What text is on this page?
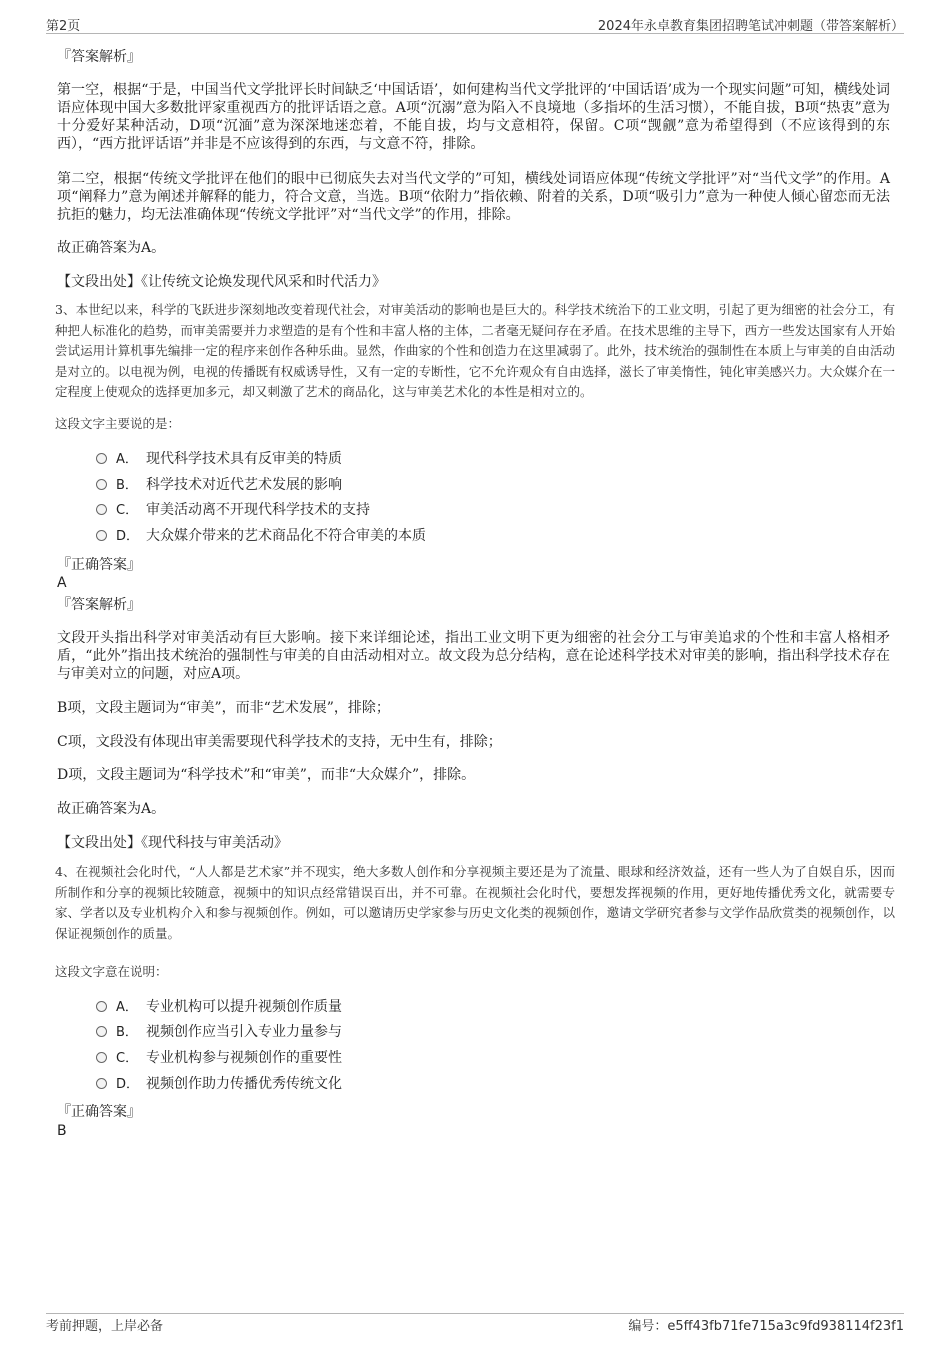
第2页	2024年永卓教育集团招聘笔试冲刺题（带答案解析）
『答案解析』

第一空，根据“于是，中国当代文学批评长时间缺乏‘中国话语’，如何建构当代文学批评的‘中国话语’成为一个现实问题”可知，横线处词语应体现中国大多数批评家重视西方的批评话语之意。A项“沉溺”意为陷入不良境地（多指坏的生活习惯），不能自拔，B项“热衷”意为十分爱好某种活动，D项“沉湎”意为深深地迷恋着，不能自拔，均与文意相符，保留。C项“觊觎”意为希望得到（不应该得到的东西），“西方批评话语”并非是不应该得到的东西，与文意不符，排除。

第二空，根据“传统文学批评在他们的眼中已彻底失去对当代文学的”可知，横线处词语应体现“传统文学批评”对“当代文学”的作用。A项“阐释力”意为阐述并解释的能力，符合文意，当选。B项“依附力”指依赖、附着的关系，D项“吸引力”意为一种使人倾心留恋而无法抗拒的魅力，均无法准确体现“传统文学批评”对“当代文学”的作用，排除。

故正确答案为A。
【文段出处】《让传统文论焕发现代风采和时代活力》

3、本世纪以来，科学的飞跃进步深刻地改变着现代社会，对审美活动的影响也是巨大的。科学技术统治下的工业文明，引起了更为细密的社会分工，有种把人标准化的趋势，而审美需要并力求塑造的是有个性和丰富人格的主体，二者毫无疑问存在矛盾。在技术思维的主导下，西方一些发达国家有人开始尝试运用计算机事先编排一定的程序来创作各种乐曲。显然，作曲家的个性和创造力在这里减弱了。此外，技术统治的强制性在本质上与审美的自由活动是对立的。以电视为例，电视的传播既有权威诱导性，又有一定的专断性，它不允许观众有自由选择，滋长了审美惰性，钝化审美感兴力。大众媒介在一定程度上使观众的选择更加多元，却又刺激了艺术的商品化，这与审美艺术化的本性是相对立的。

这段文字主要说的是：
A． 现代科学技术具有反审美的特质
B． 科学技术对近代艺术发展的影响
C． 审美活动离不开现代科学技术的支持
D． 大众媒介带来的艺术商品化不符合审美的本质
『正确答案』
A
『答案解析』

文段开头指出科学对审美活动有巨大影响。接下来详细论述，指出工业文明下更为细密的社会分工与审美追求的个性和丰富人格相矛盾，“此外”指出技术统治的强制性与审美的自由活动相对立。故文段为总分结构，意在论述科学技术对审美的影响，指出科学技术存在与审美对立的问题，对应A项。

B项，文段主题词为“审美”，而非“艺术发展”，排除；
C项，文段没有体现出审美需要现代科学技术的支持，无中生有，排除；
D项，文段主题词为“科学技术”和“审美”，而非“大众媒介”，排除。
故正确答案为A。
【文段出处】《现代科技与审美活动》

4、在视频社会化时代，“人人都是艺术家”并不现实，绝大多数人创作和分享视频主要还是为了流量、眼球和经济效益，还有一些人为了自娱自乐，因而所制作和分享的视频比较随意，视频中的知识点经常错误百出，并不可靠。在视频社会化时代，要想发挥视频的作用，更好地传播优秀文化，就需要专家、学者以及专业机构介入和参与视频创作。例如，可以邀请历史学家参与历史文化类的视频创作，邀请文学研究者参与文学作品欣赏类的视频创作，以保证视频创作的质量。

这段文字意在说明：
A． 专业机构可以提升视频创作质量
B． 视频创作应当引入专业力量参与
C． 专业机构参与视频创作的重要性
D． 视频创作助力传播优秀传统文化
『正确答案』
B
考前押题，上岸必备	编号：e5ff43fb71fe715a3c9fd938114f23f1
